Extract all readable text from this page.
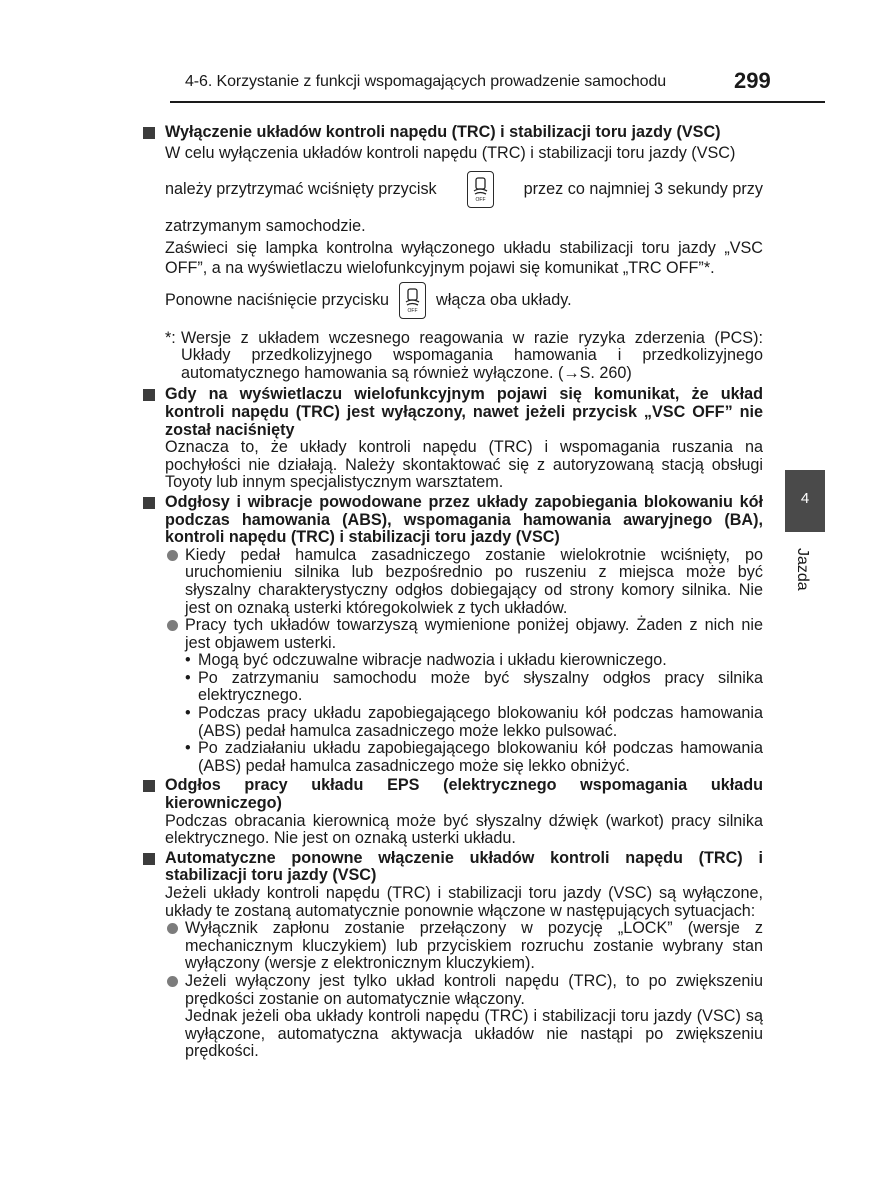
4-6. Korzystanie z funkcji wspomagających prowadzenie samochodu	299
4
Jazda
Wyłączenie układów kontroli napędu (TRC) i stabilizacji toru jazdy (VSC)

W celu wyłączenia układów kontroli napędu (TRC) i stabilizacji toru jazdy (VSC)

należy przytrzymać wciśnięty przycisk
OFF
przez co najmniej 3 sekundy przy

zatrzymanym samochodzie.

Zaświeci się lampka kontrolna wyłączonego układu stabilizacji toru jazdy „VSC OFF”, a na wyświetlaczu wielofunkcyjnym pojawi się komunikat „TRC OFF”*.

Ponowne naciśnięcie przycisku
OFF
włącza oba układy.
*: Wersje z układem wczesnego reagowania w razie ryzyka zderzenia (PCS): Układy przedkolizyjnego wspomagania hamowania i przedkolizyjnego automatycznego hamowania są również wyłączone. (→S. 260)

Gdy na wyświetlaczu wielofunkcyjnym pojawi się komunikat, że układ kontroli napędu (TRC) jest wyłączony, nawet jeżeli przycisk „VSC OFF” nie został naciśnięty

Oznacza to, że układy kontroli napędu (TRC) i wspomagania ruszania na pochyłości nie działają. Należy skontaktować się z autoryzowaną stacją obsługi Toyoty lub innym specjalistycznym warsztatem.

Odgłosy i wibracje powodowane przez układy zapobiegania blokowaniu kół podczas hamowania (ABS), wspomagania hamowania awaryjnego (BA), kontroli napędu (TRC) i stabilizacji toru jazdy (VSC)

Kiedy pedał hamulca zasadniczego zostanie wielokrotnie wciśnięty, po uruchomieniu silnika lub bezpośrednio po ruszeniu z miejsca może być słyszalny charakterystyczny odgłos dobiegający od strony komory silnika. Nie jest on oznaką usterki któregokolwiek z tych układów.

Pracy tych układów towarzyszą wymienione poniżej objawy. Żaden z nich nie jest objawem usterki.

• Mogą być odczuwalne wibracje nadwozia i układu kierowniczego.

• Po zatrzymaniu samochodu może być słyszalny odgłos pracy silnika elektrycznego.

• Podczas pracy układu zapobiegającego blokowaniu kół podczas hamowania (ABS) pedał hamulca zasadniczego może lekko pulsować.

• Po zadziałaniu układu zapobiegającego blokowaniu kół podczas hamowania (ABS) pedał hamulca zasadniczego może się lekko obniżyć.

Odgłos pracy układu EPS (elektrycznego wspomagania układu kierowniczego)

Podczas obracania kierownicą może być słyszalny dźwięk (warkot) pracy silnika elektrycznego. Nie jest on oznaką usterki układu.

Automatyczne ponowne włączenie układów kontroli napędu (TRC) i stabilizacji toru jazdy (VSC)

Jeżeli układy kontroli napędu (TRC) i stabilizacji toru jazdy (VSC) są wyłączone, układy te zostaną automatycznie ponownie włączone w następujących sytuacjach:

Wyłącznik zapłonu zostanie przełączony w pozycję „LOCK” (wersje z mechanicznym kluczykiem) lub przyciskiem rozruchu zostanie wybrany stan wyłączony (wersje z elektronicznym kluczykiem).

Jeżeli wyłączony jest tylko układ kontroli napędu (TRC), to po zwiększeniu prędkości zostanie on automatycznie włączony.

Jednak jeżeli oba układy kontroli napędu (TRC) i stabilizacji toru jazdy (VSC) są wyłączone, automatyczna aktywacja układów nie nastąpi po zwiększeniu prędkości.
